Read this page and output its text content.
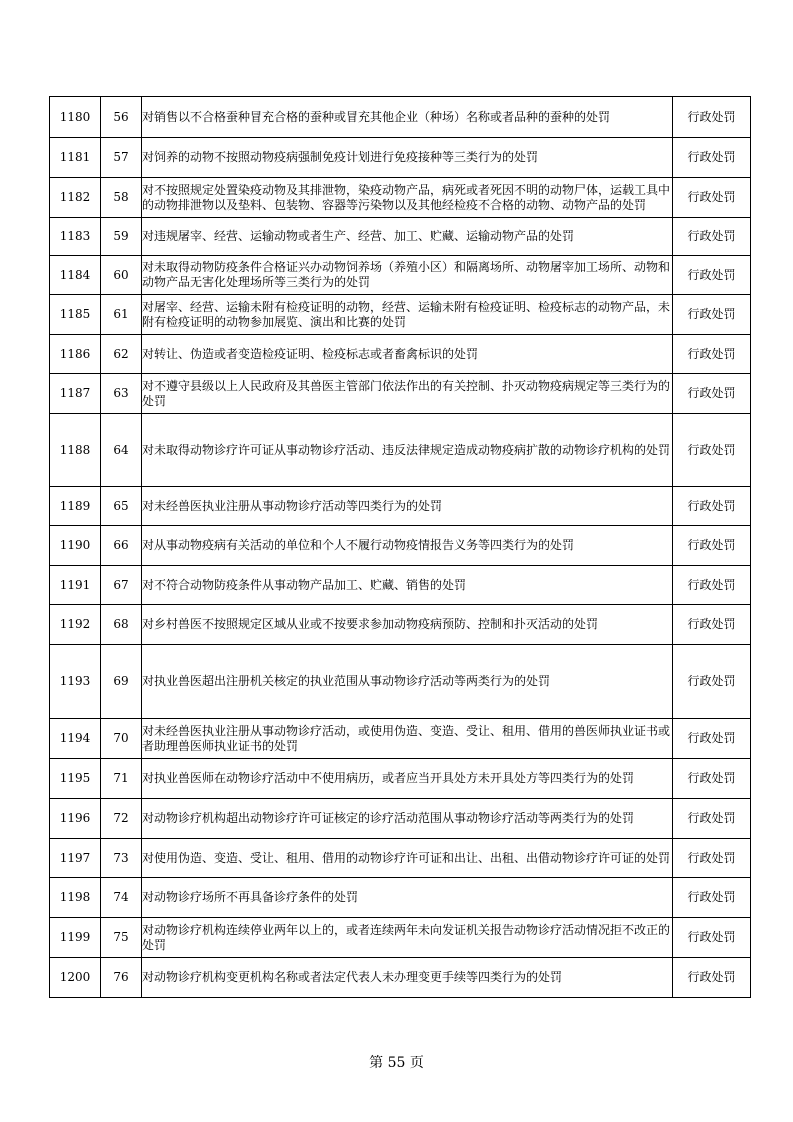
1180	56	对销售以不合格蚕种冒充合格的蚕种或冒充其他企业（种场）名称或者品种的蚕种的处罚	行政处罚
1181	57	对饲养的动物不按照动物疫病强制免疫计划进行免疫接种等三类行为的处罚	行政处罚
1182	58	对不按照规定处置染疫动物及其排泄物，染疫动物产品，病死或者死因不明的动物尸体，运载工具中的动物排泄物以及垫料、包装物、容器等污染物以及其他经检疫不合格的动物、动物产品的处罚	行政处罚
1183	59	对违规屠宰、经营、运输动物或者生产、经营、加工、贮藏、运输动物产品的处罚	行政处罚
1184	60	对未取得动物防疫条件合格证兴办动物饲养场（养殖小区）和隔离场所、动物屠宰加工场所、动物和动物产品无害化处理场所等三类行为的处罚	行政处罚
1185	61	对屠宰、经营、运输未附有检疫证明的动物，经营、运输未附有检疫证明、检疫标志的动物产品，未附有检疫证明的动物参加展览、演出和比赛的处罚	行政处罚
1186	62	对转让、伪造或者变造检疫证明、检疫标志或者畜禽标识的处罚	行政处罚
1187	63	对不遵守县级以上人民政府及其兽医主管部门依法作出的有关控制、扑灭动物疫病规定等三类行为的处罚	行政处罚
1188	64	对未取得动物诊疗许可证从事动物诊疗活动、违反法律规定造成动物疫病扩散的动物诊疗机构的处罚	行政处罚
1189	65	对未经兽医执业注册从事动物诊疗活动等四类行为的处罚	行政处罚
1190	66	对从事动物疫病有关活动的单位和个人不履行动物疫情报告义务等四类行为的处罚	行政处罚
1191	67	对不符合动物防疫条件从事动物产品加工、贮藏、销售的处罚	行政处罚
1192	68	对乡村兽医不按照规定区域从业或不按要求参加动物疫病预防、控制和扑灭活动的处罚	行政处罚
1193	69	对执业兽医超出注册机关核定的执业范围从事动物诊疗活动等两类行为的处罚	行政处罚
1194	70	对未经兽医执业注册从事动物诊疗活动，或使用伪造、变造、受让、租用、借用的兽医师执业证书或者助理兽医师执业证书的处罚	行政处罚
1195	71	对执业兽医师在动物诊疗活动中不使用病历，或者应当开具处方未开具处方等四类行为的处罚	行政处罚
1196	72	对动物诊疗机构超出动物诊疗许可证核定的诊疗活动范围从事动物诊疗活动等两类行为的处罚	行政处罚
1197	73	对使用伪造、变造、受让、租用、借用的动物诊疗许可证和出让、出租、出借动物诊疗许可证的处罚	行政处罚
1198	74	对动物诊疗场所不再具备诊疗条件的处罚	行政处罚
1199	75	对动物诊疗机构连续停业两年以上的，或者连续两年未向发证机关报告动物诊疗活动情况拒不改正的处罚	行政处罚
1200	76	对动物诊疗机构变更机构名称或者法定代表人未办理变更手续等四类行为的处罚	行政处罚
第 55 页
